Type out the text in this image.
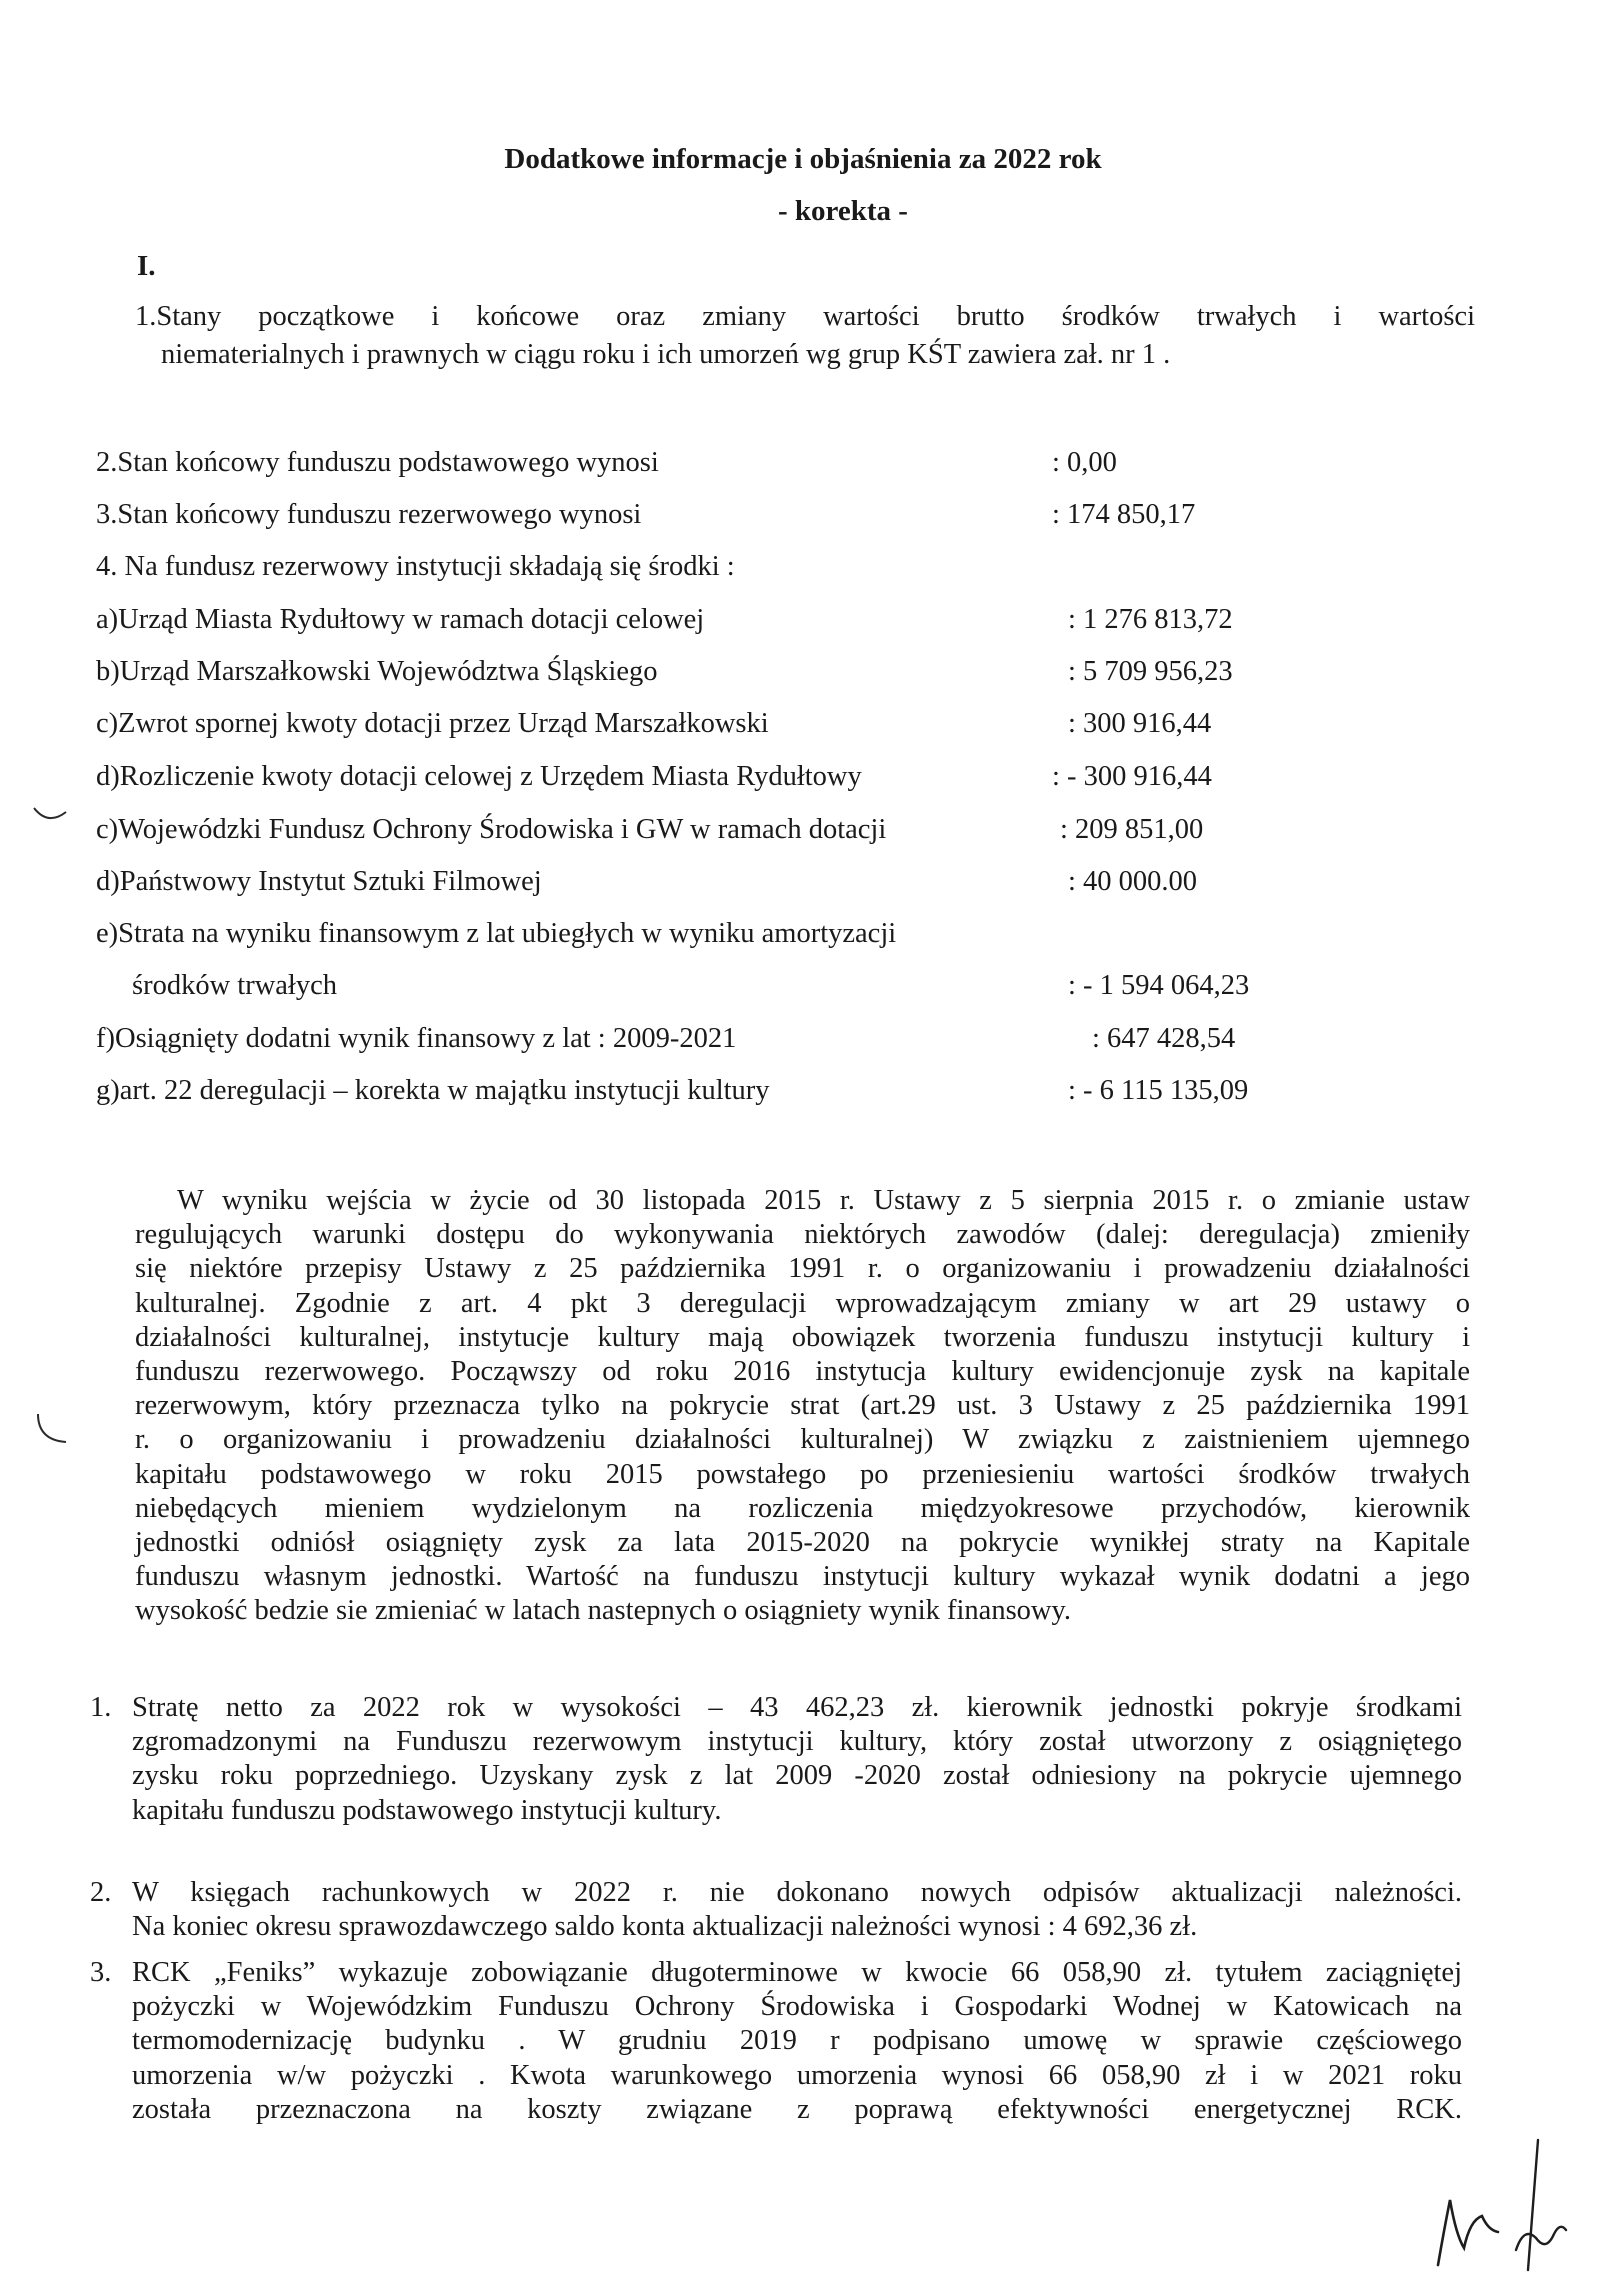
Dodatkowe informacje i objaśnienia za 2022 rok
- korekta -
I.
1.Stany początkowe i końcowe oraz zmiany wartości brutto środków trwałych i wartości
niematerialnych i prawnych w ciągu roku i ich umorzeń wg grup KŚT zawiera zał. nr 1 .
2.Stan końcowy funduszu podstawowego wynosi	: 0,00
3.Stan końcowy funduszu rezerwowego wynosi	: 174 850,17
4. Na fundusz rezerwowy instytucji składają się środki :
a)Urząd Miasta Rydułtowy w ramach dotacji celowej	: 1 276 813,72
b)Urząd Marszałkowski Województwa Śląskiego	: 5 709 956,23
c)Zwrot spornej kwoty dotacji przez Urząd Marszałkowski	: 300 916,44
d)Rozliczenie kwoty dotacji celowej z Urzędem Miasta Rydułtowy	: - 300 916,44
c)Wojewódzki Fundusz Ochrony Środowiska i GW w ramach dotacji	: 209 851,00
d)Państwowy Instytut Sztuki Filmowej	: 40 000.00
e)Strata na wyniku finansowym z lat ubiegłych w wyniku amortyzacji
środków trwałych	: - 1 594 064,23
f)Osiągnięty dodatni wynik finansowy z lat : 2009-2021	: 647 428,54
g)art. 22 deregulacji – korekta w majątku instytucji kultury	: - 6 115 135,09
W wyniku wejścia w życie od 30 listopada 2015 r. Ustawy z 5 sierpnia 2015 r. o zmianie ustaw
regulujących warunki dostępu do wykonywania niektórych zawodów (dalej: deregulacja) zmieniły
się niektóre przepisy Ustawy z 25 października 1991 r. o organizowaniu i prowadzeniu działalności
kulturalnej. Zgodnie z art. 4 pkt 3 deregulacji wprowadzającym zmiany w art 29 ustawy o
działalności kulturalnej, instytucje kultury mają obowiązek tworzenia funduszu instytucji kultury i
funduszu rezerwowego. Począwszy od roku 2016 instytucja kultury ewidencjonuje zysk na kapitale
rezerwowym, który przeznacza tylko na pokrycie strat (art.29 ust. 3 Ustawy z 25 października 1991
r. o organizowaniu i prowadzeniu działalności kulturalnej) W związku z zaistnieniem ujemnego
kapitału podstawowego w roku 2015 powstałego po przeniesieniu wartości środków trwałych
niebędących mieniem wydzielonym na rozliczenia międzyokresowe przychodów, kierownik
jednostki odniósł osiągnięty zysk za lata 2015-2020 na pokrycie wynikłej straty na Kapitale
funduszu własnym jednostki. Wartość na funduszu instytucji kultury wykazał wynik dodatni a jego
wysokość bedzie sie zmieniać w latach nastepnych o osiągniety wynik finansowy.
1. Stratę netto za 2022 rok w wysokości – 43 462,23 zł. kierownik jednostki pokryje środkami
zgromadzonymi na Funduszu rezerwowym instytucji kultury, który został utworzony z osiągniętego
zysku roku poprzedniego. Uzyskany zysk z lat 2009 -2020 został odniesiony na pokrycie ujemnego
kapitału funduszu podstawowego instytucji kultury.
2. W księgach rachunkowych w 2022 r. nie dokonano nowych odpisów aktualizacji należności.
Na koniec okresu sprawozdawczego saldo konta aktualizacji należności wynosi : 4 692,36 zł.
3. RCK „Feniks” wykazuje zobowiązanie długoterminowe w kwocie 66 058,90 zł. tytułem zaciągniętej
pożyczki w Wojewódzkim Funduszu Ochrony Środowiska i Gospodarki Wodnej w Katowicach na
termomodernizację budynku . W grudniu 2019 r podpisano umowę w sprawie częściowego
umorzenia w/w pożyczki . Kwota warunkowego umorzenia wynosi 66 058,90 zł i w 2021 roku
została przeznaczona na koszty związane z poprawą efektywności energetycznej RCK.
